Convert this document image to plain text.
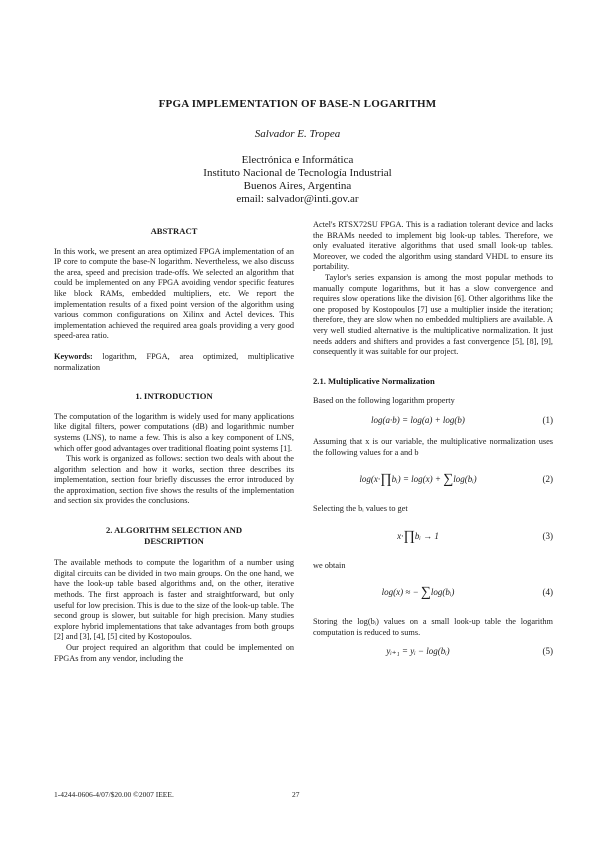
FPGA IMPLEMENTATION OF BASE-N LOGARITHM
Salvador E. Tropea
Electrónica e Informática
Instituto Nacional de Tecnología Industrial
Buenos Aires, Argentina
email: salvador@inti.gov.ar
ABSTRACT

In this work, we present an area optimized FPGA implementation of an IP core to compute the base-N logarithm. Nevertheless, we also discuss the area, speed and precision trade-offs. We selected an algorithm that could be implemented on any FPGA avoiding vendor specific features like block RAMs, embedded multipliers, etc. We report the implementation results of a fixed point version of the algorithm using various common configurations on Xilinx and Actel devices. This implementation achieved the required area goals providing a very good speed-area ratio.

Keywords: logarithm, FPGA, area optimized, multiplicative normalization

1. INTRODUCTION

The computation of the logarithm is widely used for many applications like digital filters, power computations (dB) and logarithmic number systems (LNS), to name a few. This is also a key component of LNS, which offer good advantages over traditional floating point systems [1].

This work is organized as follows: section two deals with about the algorithm selection and how it works, section three describes its implementation, section four briefly discusses the error introduced by the approximation, section five shows the results of the implementation and section six provides the conclusions.

2. ALGORITHM SELECTION AND
DESCRIPTION

The available methods to compute the logarithm of a number using digital circuits can be divided in two main groups. On the one hand, we have the look-up table based algorithms and, on the other, iterative methods. The first approach is faster and straightforward, but only useful for low precision. This is due to the size of the look-up table. The second group is slower, but suitable for high precision. Many studies explore hybrid implementations that take advantages from both groups [2] and [3], [4], [5] cited by Kostopoulos.

Our project required an algorithm that could be implemented on FPGAs from any vendor, including the

Actel's RTSX72SU FPGA. This is a radiation tolerant device and lacks the BRAMs needed to implement big look-up tables. Therefore, we only evaluated iterative algorithms that used small look-up tables. Moreover, we coded the algorithm using standard VHDL to ensure its portability.

Taylor's series expansion is among the most popular methods to manually compute logarithms, but it has a slow convergence and requires slow operations like the division [6]. Other algorithms like the one proposed by Kostopoulos [7] use a multiplier inside the iteration; therefore, they are slow when no embedded multipliers are available. A very well studied alternative is the multiplicative normalization. It just needs adders and shifters and provides a fast convergence [5], [8], [9], consequently it was suitable for our project.

2.1. Multiplicative Normalization

Based on the following logarithm property

log(a·b) = log(a) + log(b)	(1)

Assuming that x is our variable, the multiplicative normalization uses the following values for a and b

log(x·∏bᵢ) = log(x) + ∑log(bᵢ)	(2)

Selecting the bᵢ values to get

x·∏bᵢ → 1	(3)

we obtain

log(x) ≈ − ∑log(bᵢ)	(4)

Storing the log(bᵢ) values on a small look-up table the logarithm computation is reduced to sums.

yᵢ₊₁ = yᵢ − log(bᵢ)	(5)
1-4244-0606-4/07/$20.00 ©2007 IEEE.	27
